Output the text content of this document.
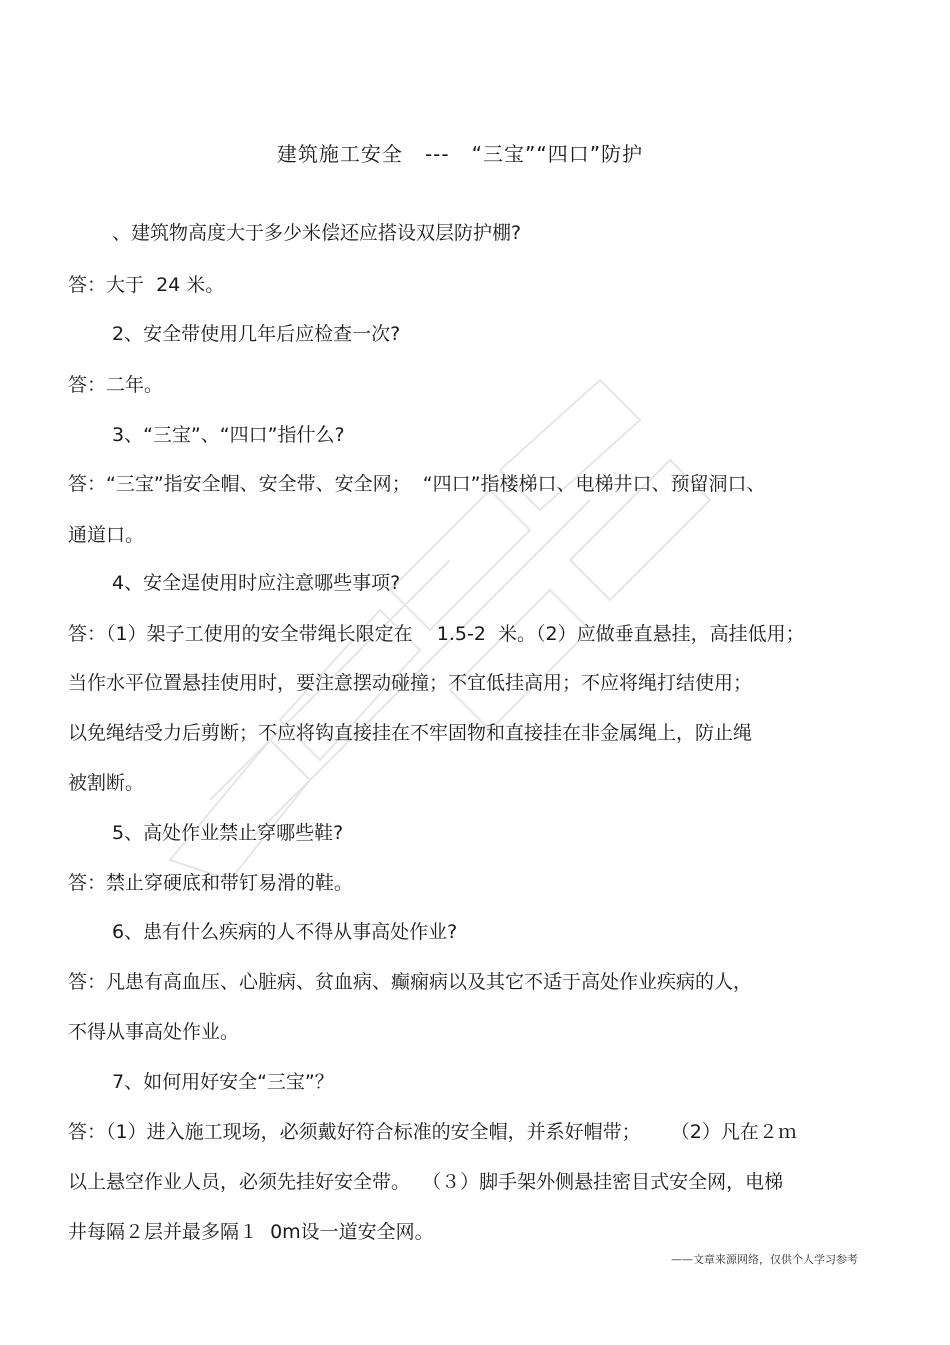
建筑施工安全   ---   “三宝”“四口”防护
、建筑物高度大于多少米偿还应搭设双层防护棚?
答：大于  24 米。
2、安全带使用几年后应检查一次?
答：二年。
3、“三宝”、“四口”指什么?
答：“三宝”指安全帽、安全带、安全网；  “四口”指楼梯口、电梯井口、预留洞口、
通道口。
4、安全逞使用时应注意哪些事项?
答：（1）架子工使用的安全带绳长限定在    1.5-2  米。（2）应做垂直悬挂，高挂低用；
当作水平位置悬挂使用时，要注意摆动碰撞；不宜低挂高用；不应将绳打结使用；
以免绳结受力后剪断；不应将钩直接挂在不牢固物和直接挂在非金属绳上，防止绳
被割断。
5、高处作业禁止穿哪些鞋?
答：禁止穿硬底和带钉易滑的鞋。
6、患有什么疾病的人不得从事高处作业?
答：凡患有高血压、心脏病、贫血病、癫痫病以及其它不适于高处作业疾病的人，
不得从事高处作业。
7、如何用好安全“三宝”？
答：（1）进入施工现场，必须戴好符合标准的安全帽，并系好帽带；     （2）凡在２ｍ
以上悬空作业人员，必须先挂好安全带。  （３）脚手架外侧悬挂密目式安全网，电梯
井每隔２层并最多隔１  0m设一道安全网。
——文章来源网络，仅供个人学习参考
